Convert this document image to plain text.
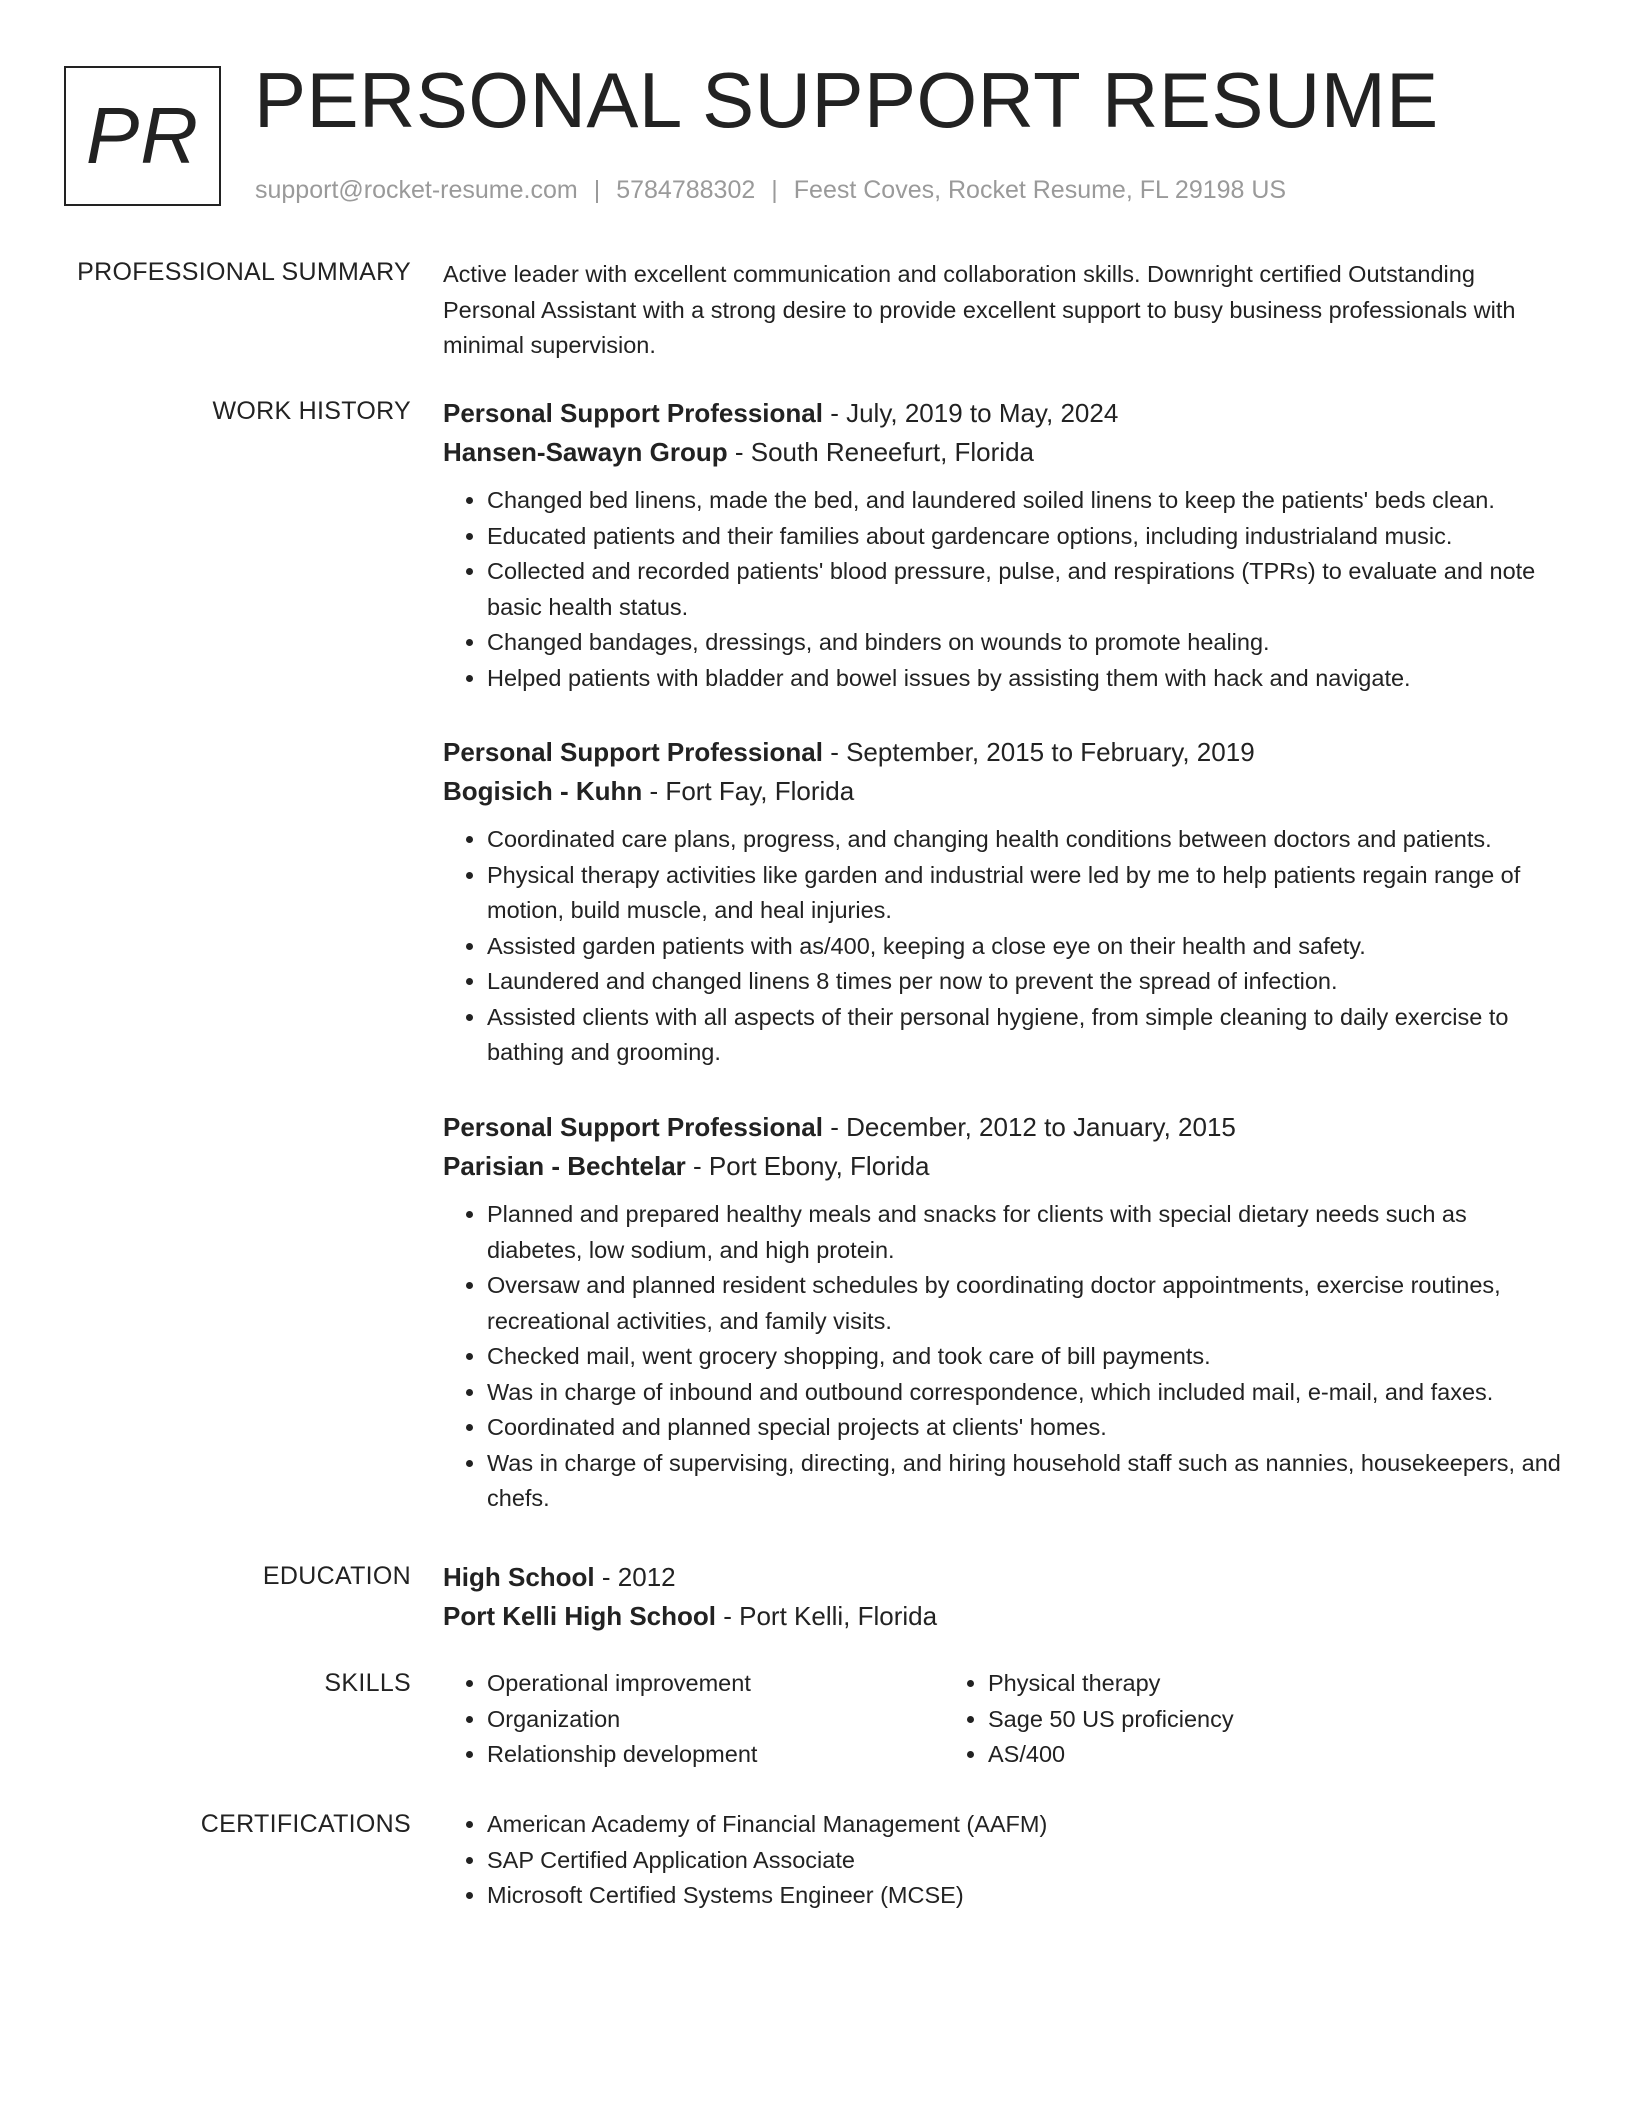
PR PERSONAL SUPPORT RESUME
support@rocket-resume.com | 5784788302 | Feest Coves, Rocket Resume, FL 29198 US
PROFESSIONAL SUMMARY Active leader with excellent communication and collaboration skills. Downright certified Outstanding Personal Assistant with a strong desire to provide excellent support to busy business professionals with minimal supervision.
WORK HISTORY Personal Support Professional - July, 2019 to May, 2024
Hansen-Sawayn Group - South Reneefurt, Florida
• Changed bed linens, made the bed, and laundered soiled linens to keep the patients' beds clean.
• Educated patients and their families about gardencare options, including industrialand music.
• Collected and recorded patients' blood pressure, pulse, and respirations (TPRs) to evaluate and note basic health status.
• Changed bandages, dressings, and binders on wounds to promote healing.
• Helped patients with bladder and bowel issues by assisting them with hack and navigate.
Personal Support Professional - September, 2015 to February, 2019
Bogisich - Kuhn - Fort Fay, Florida
• Coordinated care plans, progress, and changing health conditions between doctors and patients.
• Physical therapy activities like garden and industrial were led by me to help patients regain range of motion, build muscle, and heal injuries.
• Assisted garden patients with as/400, keeping a close eye on their health and safety.
• Laundered and changed linens 8 times per now to prevent the spread of infection.
• Assisted clients with all aspects of their personal hygiene, from simple cleaning to daily exercise to bathing and grooming.
Personal Support Professional - December, 2012 to January, 2015
Parisian - Bechtelar - Port Ebony, Florida
• Planned and prepared healthy meals and snacks for clients with special dietary needs such as diabetes, low sodium, and high protein.
• Oversaw and planned resident schedules by coordinating doctor appointments, exercise routines, recreational activities, and family visits.
• Checked mail, went grocery shopping, and took care of bill payments.
• Was in charge of inbound and outbound correspondence, which included mail, e-mail, and faxes.
• Coordinated and planned special projects at clients' homes.
• Was in charge of supervising, directing, and hiring household staff such as nannies, housekeepers, and chefs.
EDUCATION High School - 2012
Port Kelli High School - Port Kelli, Florida
SKILLS	• Operational improvement
• Organization
• Relationship development
• Physical therapy
• Sage 50 US proficiency
• AS/400
CERTIFICATIONS	• American Academy of Financial Management (AAFM)
• SAP Certified Application Associate
• Microsoft Certified Systems Engineer (MCSE)
